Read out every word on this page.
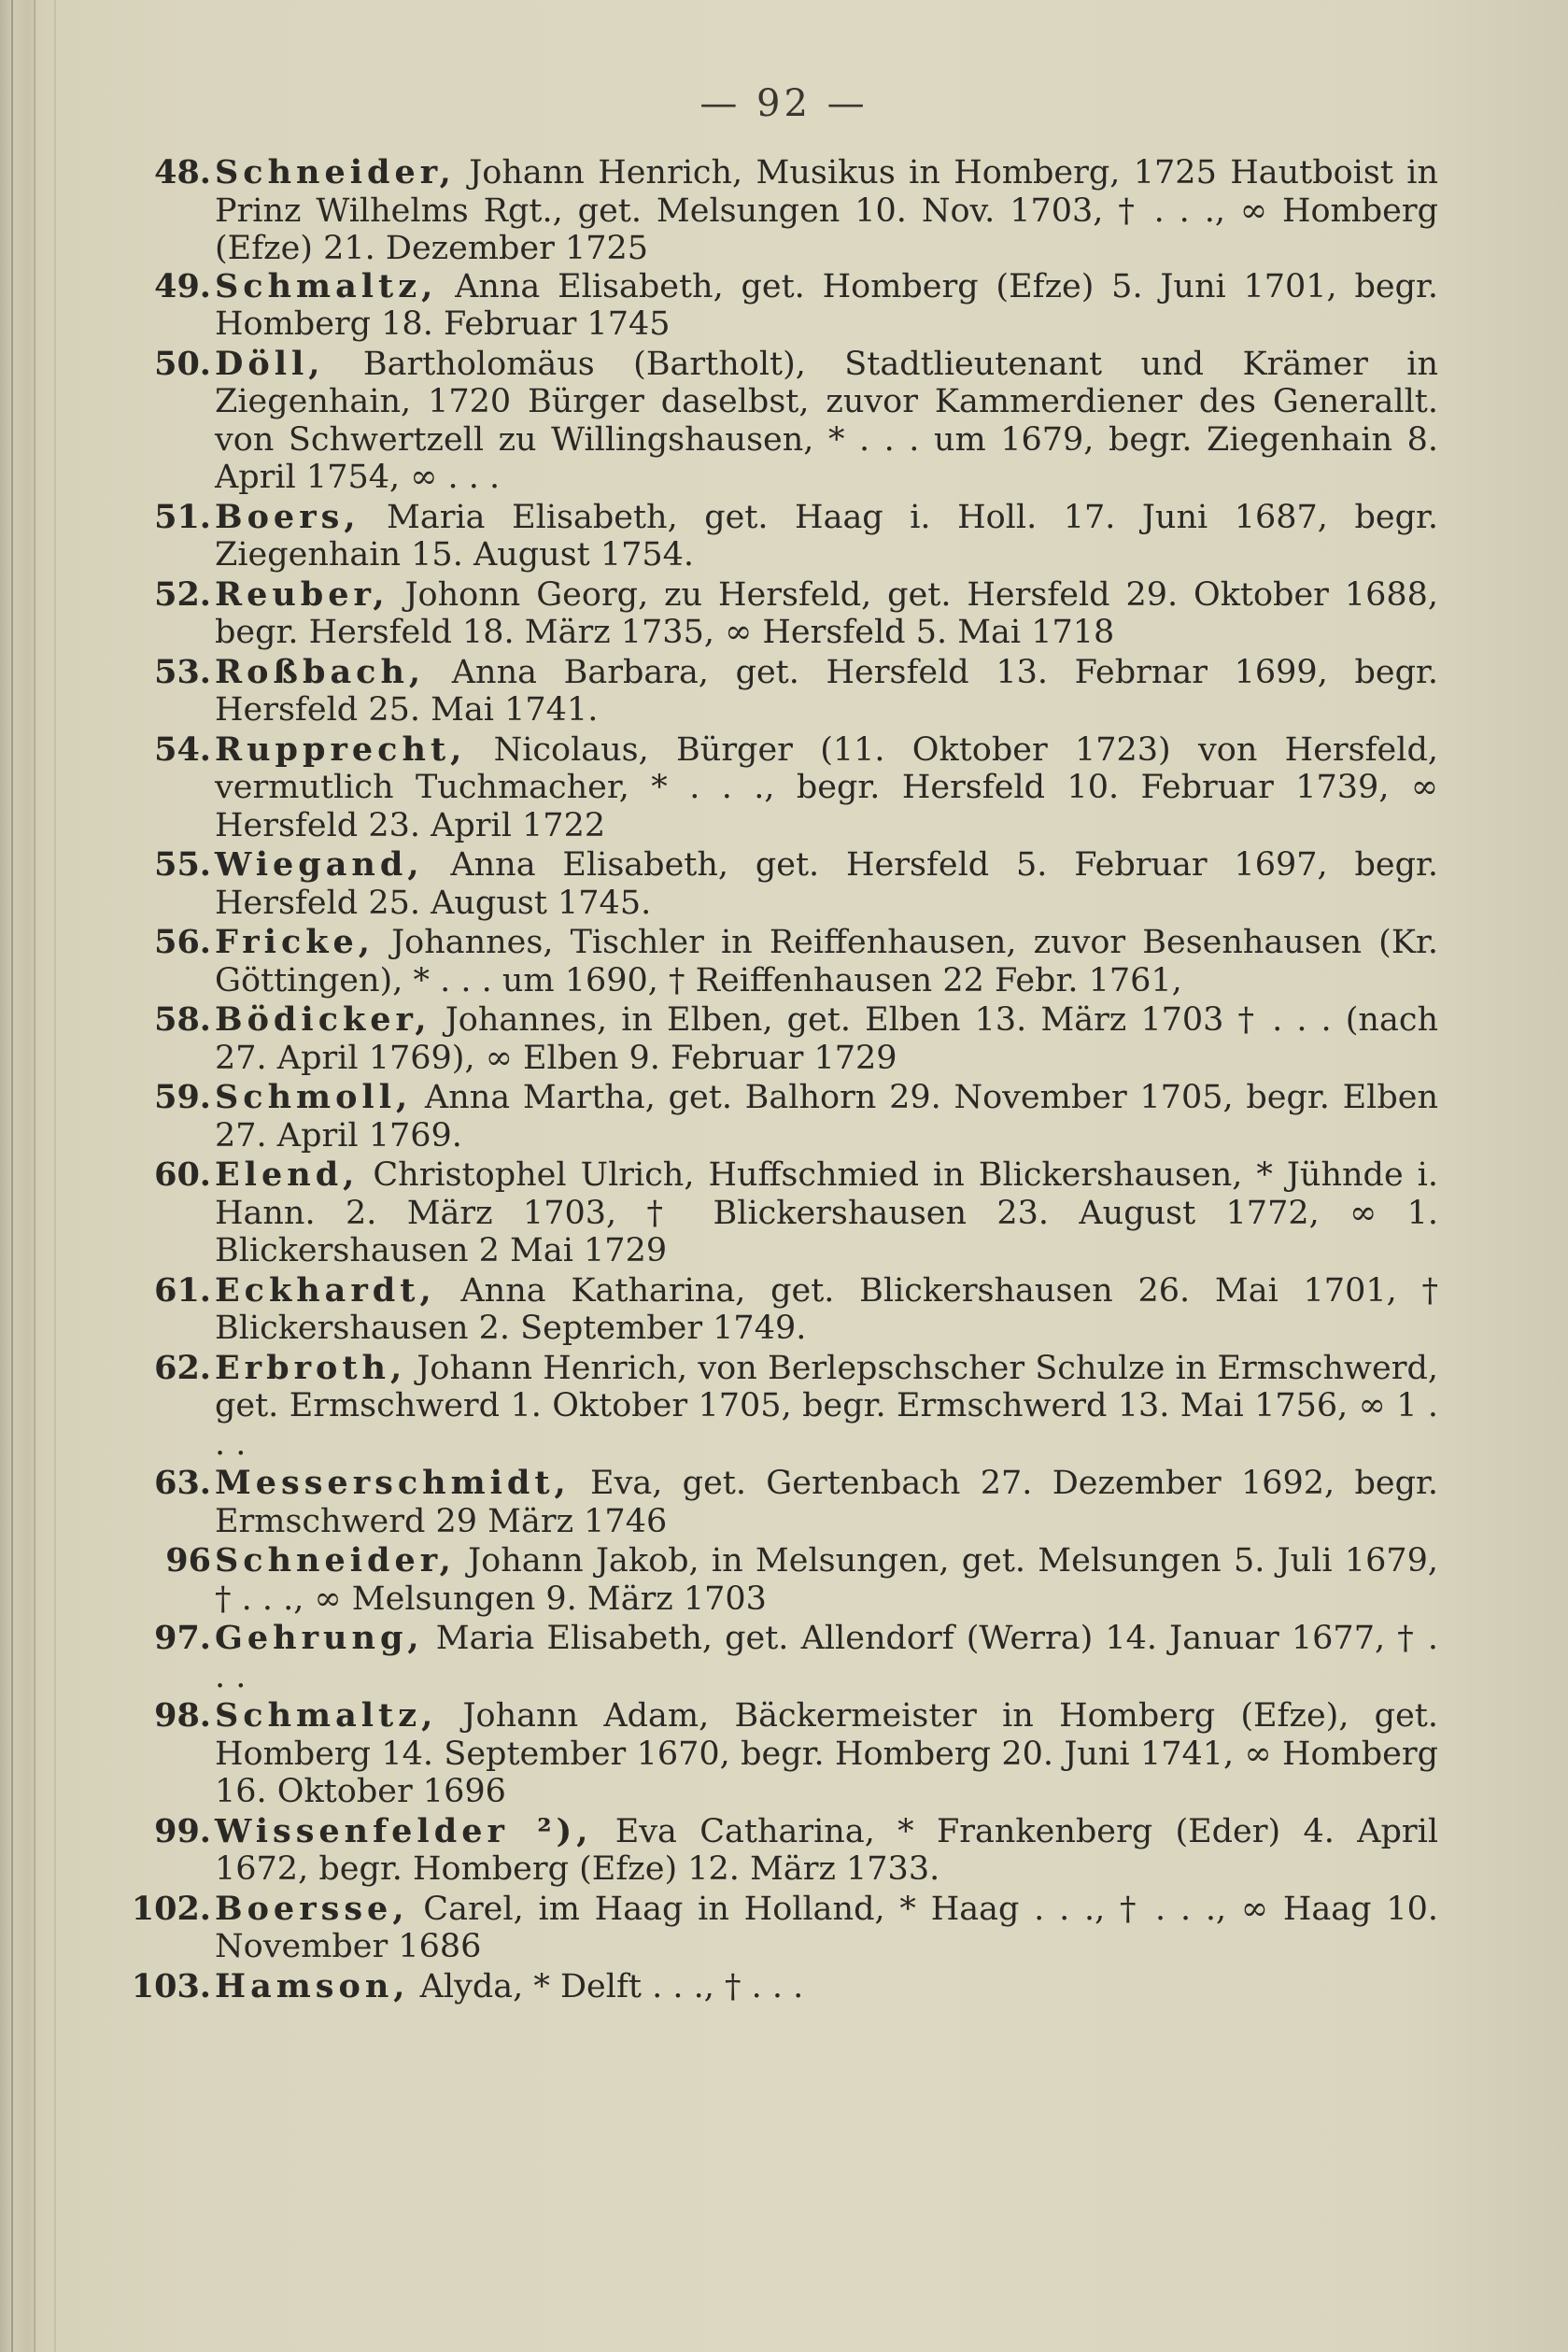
— 92 —
48. Schneider, Johann Henrich, Musikus in Homberg, 1725 Hautboist in Prinz Wilhelms Rgt., get. Melsungen 10. Nov. 1703, † . . ., ∞ Homberg (Efze) 21. Dezember 1725
49. Schmaltz, Anna Elisabeth, get. Homberg (Efze) 5. Juni 1701, begr. Homberg 18. Februar 1745
50. Döll, Bartholomäus (Bartholt), Stadtlieutenant und Krämer in Ziegenhain, 1720 Bürger daselbst, zuvor Kammerdiener des Generallt. von Schwertzell zu Willingshausen, * . . . um 1679, begr. Ziegenhain 8. April 1754, ∞ . . .
51. Boers, Maria Elisabeth, get. Haag i. Holl. 17. Juni 1687, begr. Ziegenhain 15. August 1754.
52. Reuber, Johonn Georg, zu Hersfeld, get. Hersfeld 29. Oktober 1688, begr. Hersfeld 18. März 1735, ∞ Hersfeld 5. Mai 1718
53. Roßbach, Anna Barbara, get. Hersfeld 13. Febrnar 1699, begr. Hersfeld 25. Mai 1741.
54. Rupprecht, Nicolaus, Bürger (11. Oktober 1723) von Hersfeld, vermutlich Tuchmacher, * . . ., begr. Hersfeld 10. Februar 1739, ∞ Hersfeld 23. April 1722
55. Wiegand, Anna Elisabeth, get. Hersfeld 5. Februar 1697, begr. Hersfeld 25. August 1745.
56. Fricke, Johannes, Tischler in Reiffenhausen, zuvor Besenhausen (Kr. Göttingen), * . . . um 1690, † Reiffenhausen 22 Febr. 1761,
58. Bödicker, Johannes, in Elben, get. Elben 13. März 1703 † . . . (nach 27. April 1769), ∞ Elben 9. Februar 1729
59. Schmoll, Anna Martha, get. Balhorn 29. November 1705, begr. Elben 27. April 1769.
60. Elend, Christophel Ulrich, Huffschmied in Blickershausen, * Jühnde i. Hann. 2. März 1703, † Blickershausen 23. August 1772, ∞ 1. Blickershausen 2 Mai 1729
61. Eckhardt, Anna Katharina, get. Blickershausen 26. Mai 1701, † Blickershausen 2. September 1749.
62. Erbroth, Johann Henrich, von Berlepschscher Schulze in Ermschwerd, get. Ermschwerd 1. Oktober 1705, begr. Ermschwerd 13. Mai 1756, ∞ 1 . . .
63. Messerschmidt, Eva, get. Gertenbach 27. Dezember 1692, begr. Ermschwerd 29 März 1746
96 Schneider, Johann Jakob, in Melsungen, get. Melsungen 5. Juli 1679, † . . ., ∞ Melsungen 9. März 1703
97. Gehrung, Maria Elisabeth, get. Allendorf (Werra) 14. Januar 1677, † . . .
98. Schmaltz, Johann Adam, Bäckermeister in Homberg (Efze), get. Homberg 14. September 1670, begr. Homberg 20. Juni 1741, ∞ Homberg 16. Oktober 1696
99. Wissenfelder ²), Eva Catharina, * Frankenberg (Eder) 4. April 1672, begr. Homberg (Efze) 12. März 1733.
102. Boersse, Carel, im Haag in Holland, * Haag . . ., † . . ., ∞ Haag 10. November 1686
103. Hamson, Alyda, * Delft . . ., † . . .
